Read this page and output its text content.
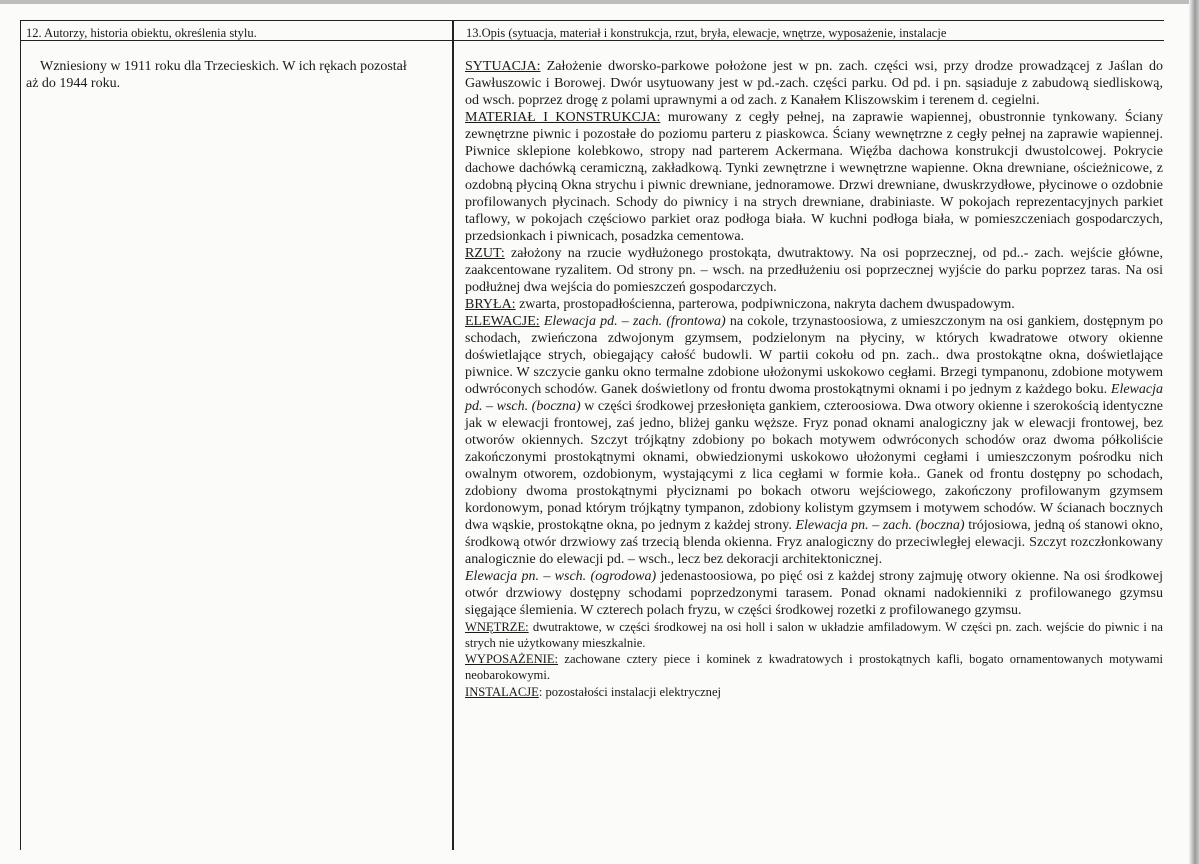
12. Autorzy, historia obiektu, określenia stylu.
Wzniesiony w 1911 roku dla Trzecieskich. W ich rękach pozostał aż do 1944 roku.
13.Opis (sytuacja, materiał i konstrukcja, rzut, bryła, elewacje, wnętrze, wyposażenie, instalacje

SYTUACJA: Założenie dworsko-parkowe położone jest w pn. zach. części wsi, przy drodze prowadzącej z Jaślan do Gawłuszowic i Borowej. Dwór usytuowany jest w pd.-zach. części parku. Od pd. i pn. sąsiaduje z zabudową siedliskową, od wsch. poprzez drogę z polami uprawnymi a od zach. z Kanałem Kliszowskim i terenem d. cegielni.

MATERIAŁ I KONSTRUKCJA: murowany z cegły pełnej, na zaprawie wapiennej, obustronnie tynkowany. Ściany zewnętrzne piwnic i pozostałe do poziomu parteru z piaskowca. Ściany wewnętrzne z cegły pełnej na zaprawie wapiennej. Piwnice sklepione kolebkowo, stropy nad parterem Ackermana. Więźba dachowa konstrukcji dwustolcowej. Pokrycie dachowe dachówką ceramiczną, zakładkową. Tynki zewnętrzne i wewnętrzne wapienne. Okna drewniane, ościeżnicowe, z ozdobną płyciną Okna strychu i piwnic drewniane, jednoramowe. Drzwi drewniane, dwuskrzydłowe, płycinowe o ozdobnie profilowanych płycinach. Schody do piwnicy i na strych drewniane, drabiniaste. W pokojach reprezentacyjnych parkiet taflowy, w pokojach częściowo parkiet oraz podłoga biała. W kuchni podłoga biała, w pomieszczeniach gospodarczych, przedsionkach i piwnicach, posadzka cementowa.

RZUT: założony na rzucie wydłużonego prostokąta, dwutraktowy. Na osi poprzecznej, od pd..- zach. wejście główne, zaakcentowane ryzalitem. Od strony pn. – wsch. na przedłużeniu osi poprzecznej wyjście do parku poprzez taras. Na osi podłużnej dwa wejścia do pomieszczeń gospodarczych.

BRYŁA: zwarta, prostopadłościenna, parterowa, podpiwniczona, nakryta dachem dwuspadowym.

ELEWACJE: Elewacja pd. – zach. (frontowa) na cokole, trzynastoosiowa, z umieszczonym na osi gankiem, dostępnym po schodach, zwieńczona zdwojonym gzymsem, podzielonym na płyciny, w których kwadratowe otwory okienne doświetlające strych, obiegający całość budowli. W partii cokołu od pn. zach.. dwa prostokątne okna, doświetlające piwnice. W szczycie ganku okno termalne zdobione ułożonymi uskokowo cegłami. Brzegi tympanonu, zdobione motywem odwróconych schodów. Ganek doświetlony od frontu dwoma prostokątnymi oknami i po jednym z każdego boku. Elewacja pd. – wsch. (boczna) w części środkowej przesłonięta gankiem, czteroosiowa. Dwa otwory okienne i szerokością identyczne jak w elewacji frontowej, zaś jedno, bliżej ganku węższe. Fryz ponad oknami analogiczny jak w elewacji frontowej, bez otworów okiennych. Szczyt trójkątny zdobiony po bokach motywem odwróconych schodów oraz dwoma półkoliście zakończonymi prostokątnymi oknami, obwiedzionymi uskokowo ułożonymi cegłami i umieszczonym pośrodku nich owalnym otworem, ozdobionym, wystającymi z lica cegłami w formie koła.. Ganek od frontu dostępny po schodach, zdobiony dwoma prostokątnymi płyciznami po bokach otworu wejściowego, zakończony profilowanym gzymsem kordonowym, ponad którym trójkątny tympanon, zdobiony kolistym gzymsem i motywem schodów. W ścianach bocznych dwa wąskie, prostokątne okna, po jednym z każdej strony. Elewacja pn. – zach. (boczna) trójosiowa, jedną oś stanowi okno, środkową otwór drzwiowy zaś trzecią blenda okienna. Fryz analogiczny do przeciwległej elewacji. Szczyt rozczłonkowany analogicznie do elewacji pd. – wsch., lecz bez dekoracji architektonicznej.

Elewacja pn. – wsch. (ogrodowa) jedenastoosiowa, po pięć osi z każdej strony zajmuję otwory okienne. Na osi środkowej otwór drzwiowy dostępny schodami poprzedzonymi tarasem. Ponad oknami nadokienniki z profilowanego gzymsu sięgające ślemienia. W czterech polach fryzu, w części środkowej rozetki z profilowanego gzymsu.

WNĘTRZE: dwutraktowe, w części środkowej na osi holl i salon w układzie amfiladowym. W części pn. zach. wejście do piwnic i na strych nie użytkowany mieszkalnie.

WYPOSAŻENIE: zachowane cztery piece i kominek z kwadratowych i prostokątnych kafli, bogato ornamentowanych motywami neobarokowymi.

INSTALACJE: pozostałości instalacji elektrycznej
